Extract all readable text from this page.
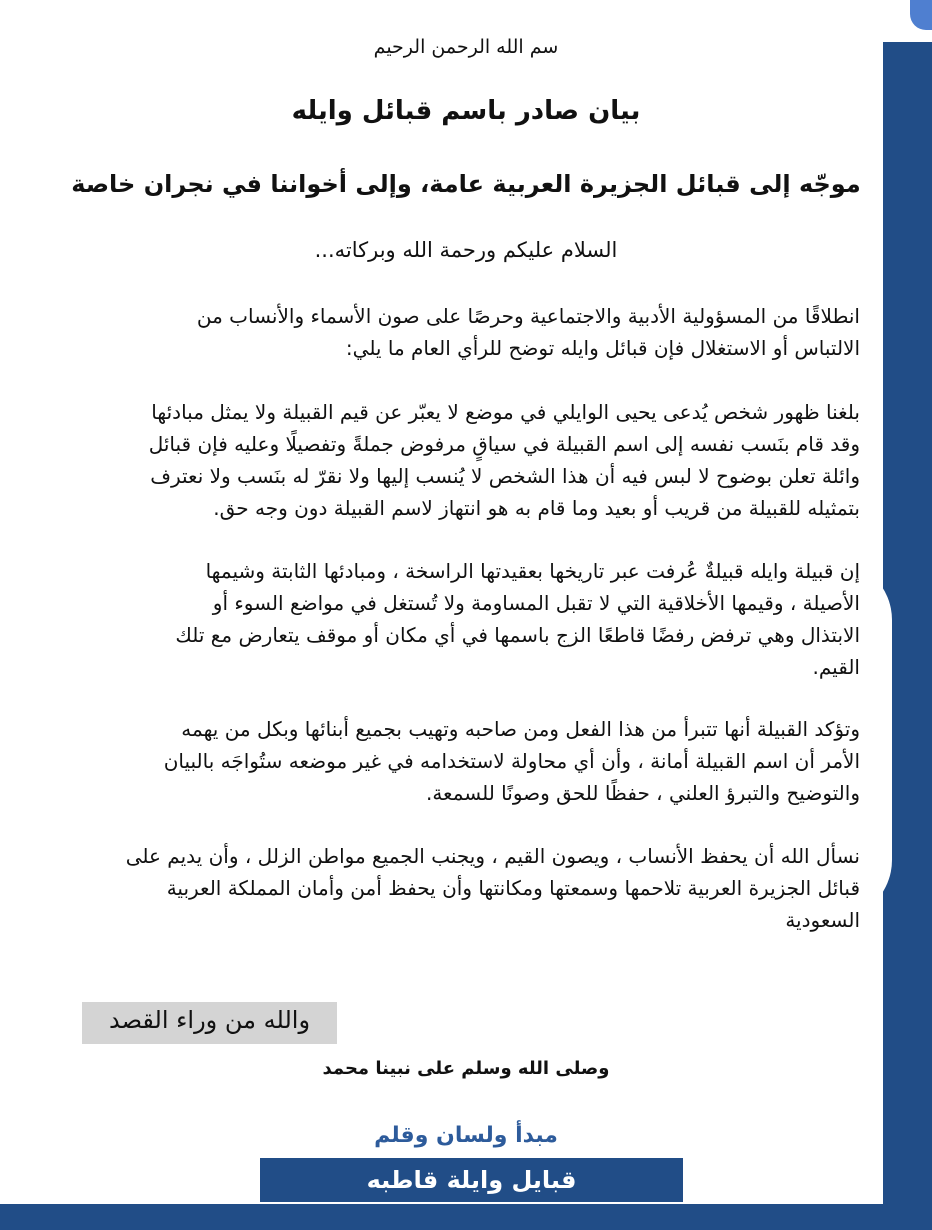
سم الله الرحمن الرحيم
بيان صادر باسم قبائل وايله
موجّه إلى قبائل الجزيرة العربية عامة، وإلى أخواننا في نجران خاصة
السلام عليكم ورحمة الله وبركاته...
انطلاقًا من المسؤولية الأدبية والاجتماعية وحرصًا على صون الأسماء والأنساب من
الالتباس أو الاستغلال فإن قبائل وايله توضح للرأي العام ما يلي:
بلغنا ظهور شخص يُدعى يحيى الوايلي في موضع لا يعبّر عن قيم القبيلة ولا يمثل مبادئها
وقد قام بنَسب نفسه إلى اسم القبيلة في سياقٍ مرفوض جملةً وتفصيلًا وعليه فإن قبائل
وائلة تعلن بوضوح لا لبس فيه أن هذا الشخص لا يُنسب إليها ولا نقرّ له بنَسب ولا نعترف
بتمثيله للقبيلة من قريب أو بعيد وما قام به هو انتهاز لاسم القبيلة دون وجه حق.
إن قبيلة وايله قبيلةٌ عُرفت عبر تاريخها بعقيدتها الراسخة ، ومبادئها الثابتة وشيمها
الأصيلة ، وقيمها الأخلاقية التي لا تقبل المساومة ولا تُستغل في مواضع السوء أو
الابتذال وهي ترفض رفضًا قاطعًا الزج باسمها في أي مكان أو موقف يتعارض مع تلك
القيم.
وتؤكد القبيلة أنها تتبرأ من هذا الفعل ومن صاحبه وتهيب بجميع أبنائها وبكل من يهمه
الأمر أن اسم القبيلة أمانة ، وأن أي محاولة لاستخدامه في غير موضعه ستُواجَه بالبيان
والتوضيح والتبرؤ العلني ، حفظًا للحق وصونًا للسمعة.
نسأل الله أن يحفظ الأنساب ، ويصون القيم ، ويجنب الجميع مواطن الزلل ، وأن يديم على
قبائل الجزيرة العربية تلاحمها وسمعتها ومكانتها وأن يحفظ أمن وأمان المملكة العربية
السعودية
والله من وراء القصد
وصلى الله وسلم على نبينا محمد
مبدأ ولسان وقلم
قبايل وايلة قاطبه
